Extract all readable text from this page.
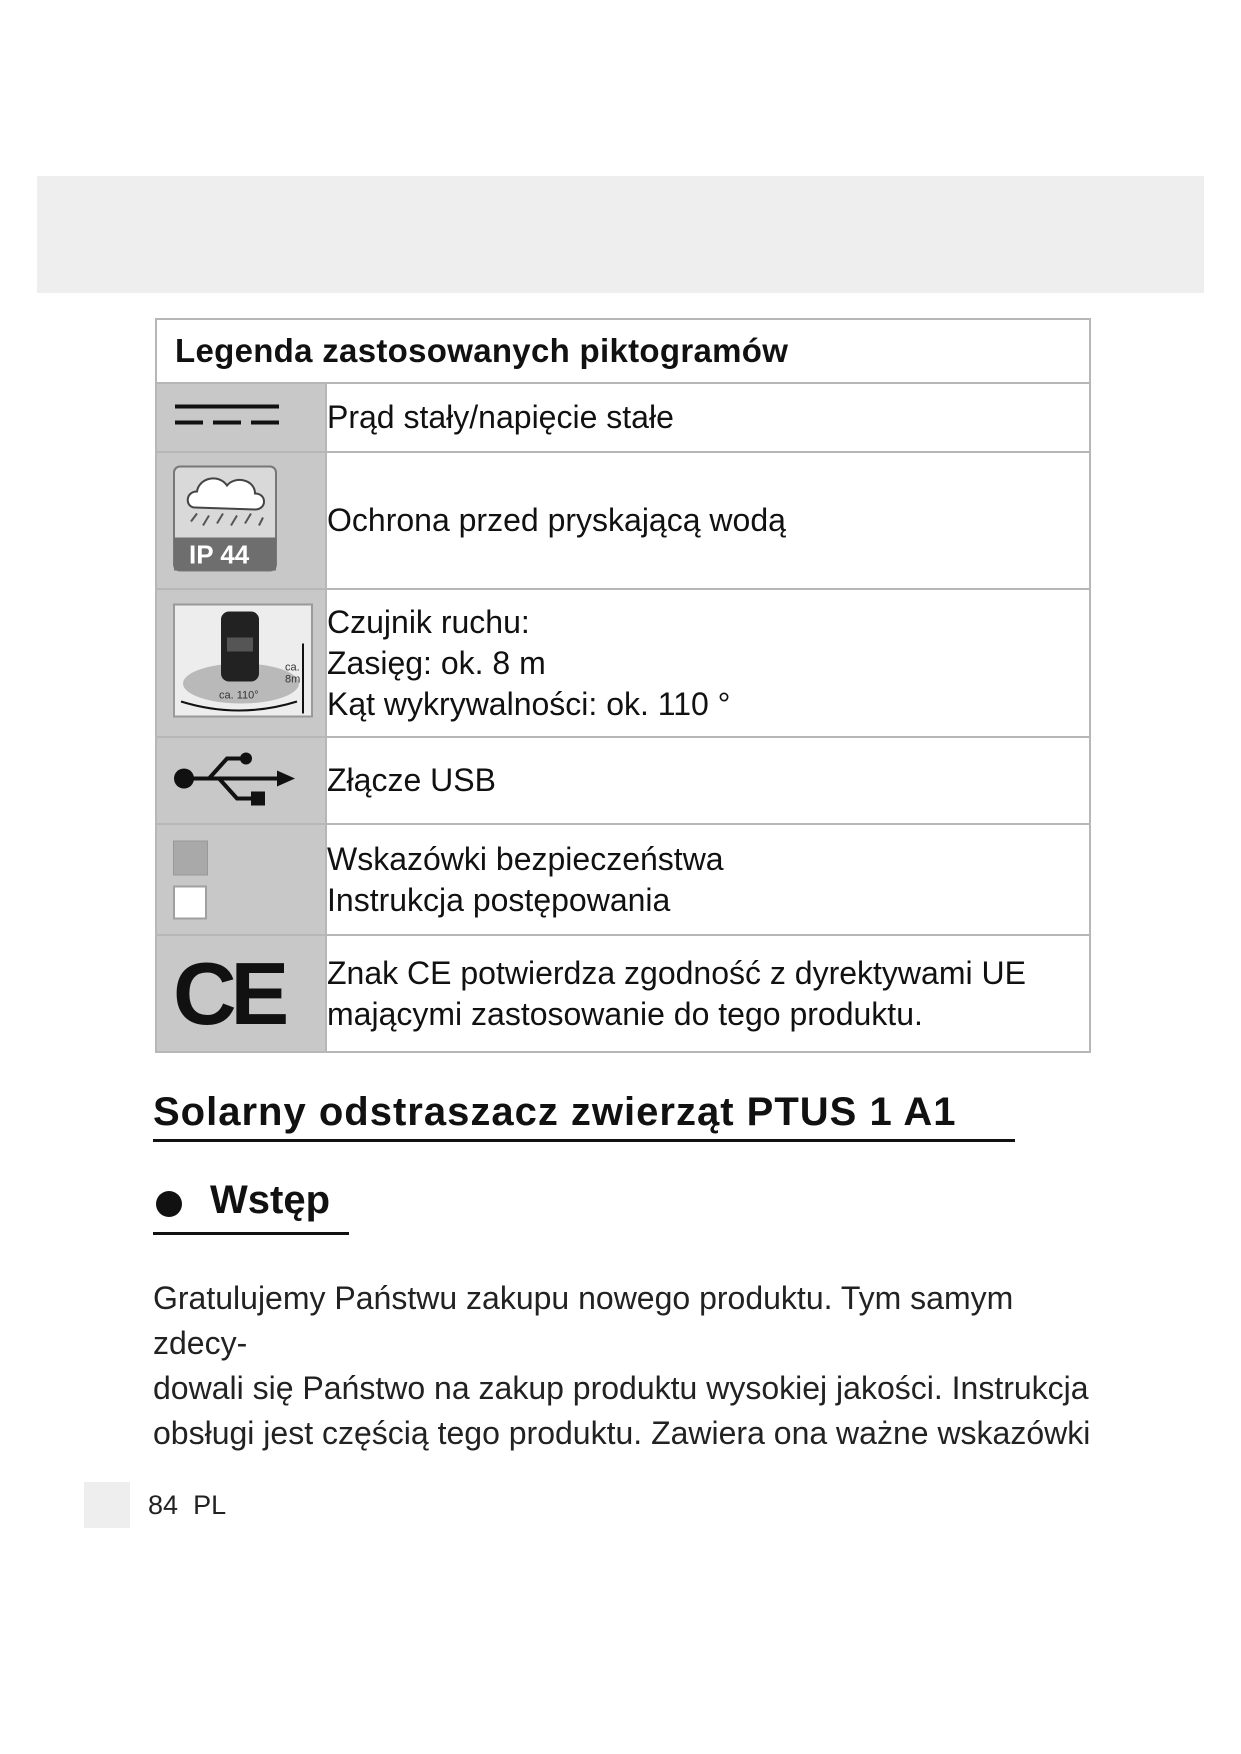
Legenda zastosowanych piktogramów	

Prąd stały/napięcie stałe

IP 44	Ochrona przed pryskającą wodą

ca. 110°
ca. 8m	Czujnik ruchu:
Zasięg: ok. 8 m
Kąt wykrywalności: ok. 110 °

Złącze USB

	Wskazówki bezpieczeństwa
Instrukcja postępowania

CE	Znak CE potwierdza zgodność z dyrektywami UE
mającymi zastosowanie do tego produktu.
Solarny odstraszacz zwierząt PTUS 1 A1
Wstęp
Gratulujemy Państwu zakupu nowego produktu. Tym samym zdecy-
dowali się Państwo na zakup produktu wysokiej jakości. Instrukcja
obsługi jest częścią tego produktu. Zawiera ona ważne wskazówki
84 PL
